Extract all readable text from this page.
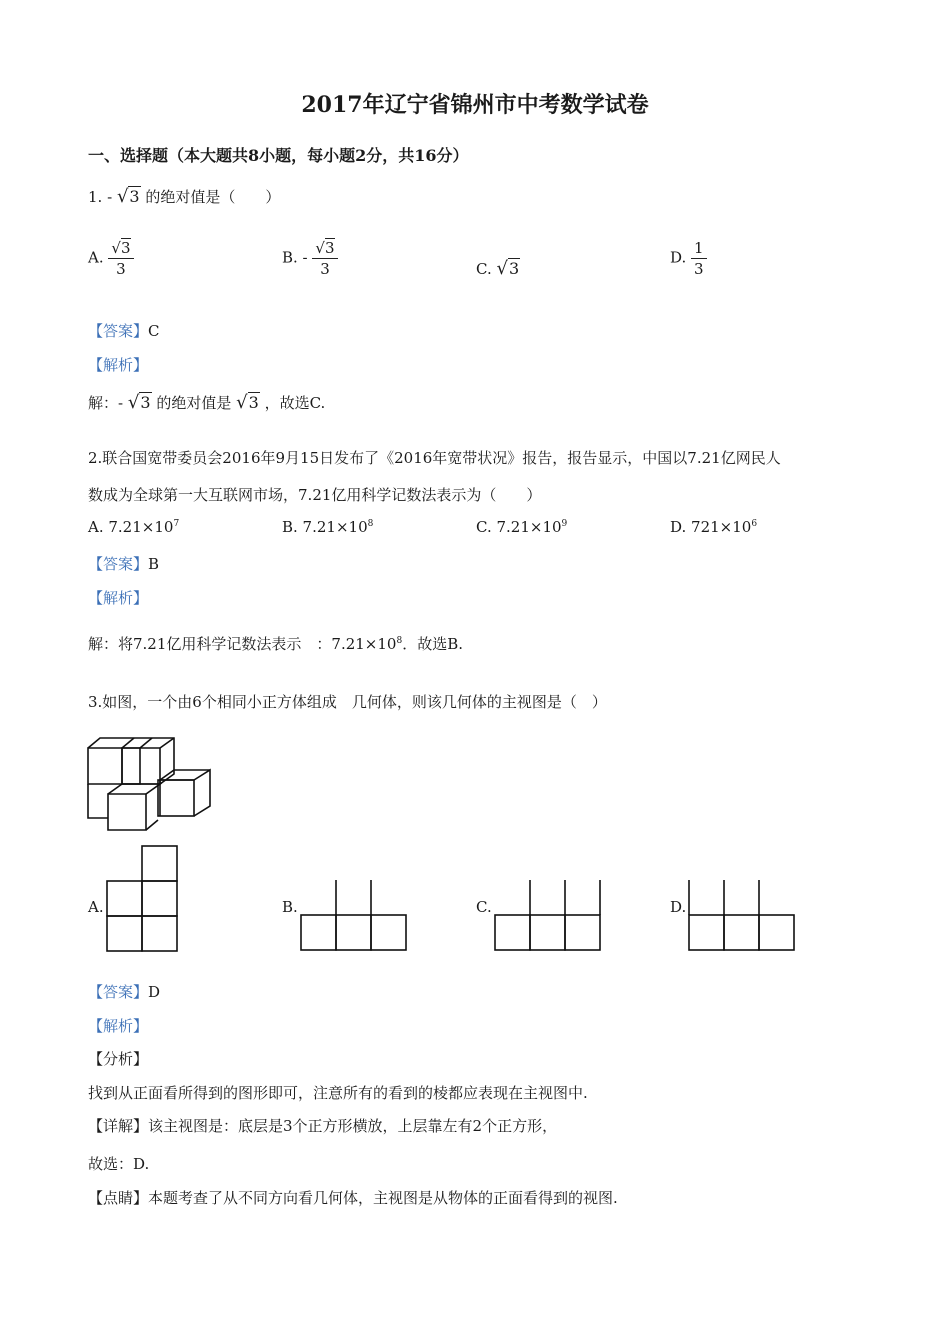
2017年辽宁省锦州市中考数学试卷
一、选择题（本大题共8小题，每小题2分，共16分）
1. - √3 的绝对值是（　　）
A. $\frac{√3}{3}$	B. - $\frac{√3}{3}$	C. √3
D. $\frac{1}{3}$
【答案】C
【解析】
解：- √3 的绝对值是 √3 ，故选C.
2.联合国宽带委员会2016年9月15日发布了《2016年宽带状况》报告，报告显示，中国以7.21亿网民人
数成为全球第一大互联网市场，7.21亿用科学记数法表示为（　　）
A. $7.21\times 10^7$	B. $7.21\times 10^8$	C. $7.21\times 10^9$	D. $721\times 10^6$
【答案】B
【解析】
解：将7.21亿用科学记数法表示　：$7.21\times 10^8$．故选B.
3.如图，一个由6个相同小正方体组成　几何体，则该几何体的主视图是（　）
A.	B.	C.	D.
【答案】D
【解析】
【分析】
找到从正面看所得到的图形即可，注意所有的看到的棱都应表现在主视图中.
【详解】该主视图是：底层是3个正方形横放，上层靠左有2个正方形，
故选：D.
【点睛】本题考查了从不同方向看几何体，主视图是从物体的正面看得到的视图.
